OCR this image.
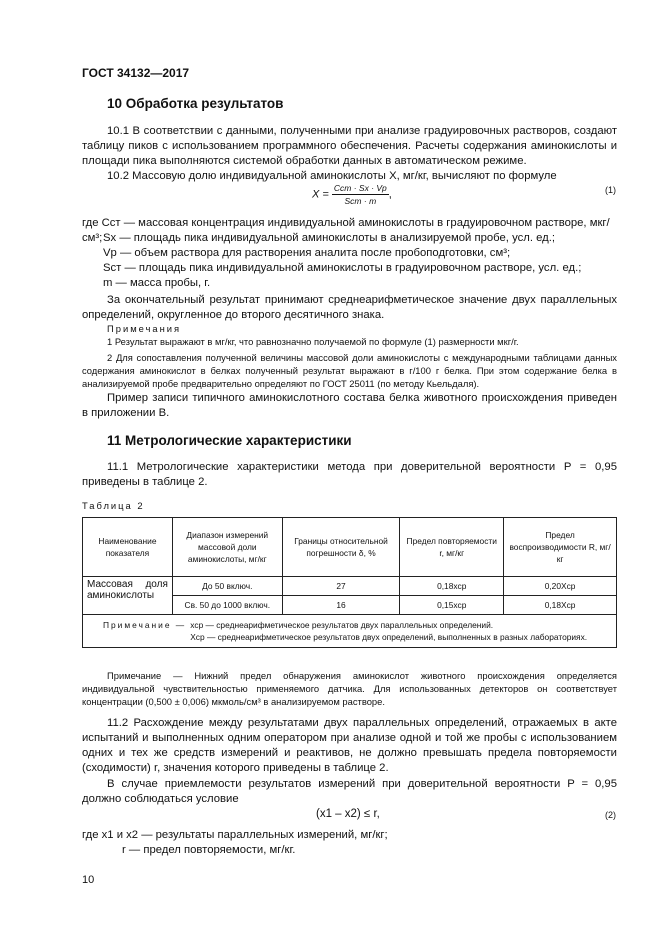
ГОСТ 34132—2017
10 Обработка результатов
10.1 В соответствии с данными, полученными при анализе градуировочных растворов, создают таблицу пиков с использованием программного обеспечения. Расчеты содержания аминокислоты и площади пика выполняются системой обработки данных в автоматическом режиме.
10.2 Массовую долю индивидуальной аминокислоты X, мг/кг, вычисляют по формуле
$X = \frac{\text{Cст · Sx · Vр}}{\text{Sст · m}}$ ,	(1)
где Cст — массовая концентрация индивидуальной аминокислоты в градуировочном растворе, мкг/см³; Sx — площадь пика индивидуальной аминокислоты в анализируемой пробе, усл. ед.;
Vр — объем раствора для растворения аналита после пробоподготовки, см³;
Sст — площадь пика индивидуальной аминокислоты в градуировочном растворе, усл. ед.;
m — масса пробы, г.
За окончательный результат принимают среднеарифметическое значение двух параллельных определений, округленное до второго десятичного знака.
Примечания
1 Результат выражают в мг/кг, что равнозначно получаемой по формуле (1) размерности мкг/г.
2 Для сопоставления полученной величины массовой доли аминокислоты с международными таблицами данных содержания аминокислот в белках полученный результат выражают в г/100 г белка. При этом содержание белка в анализируемой пробе предварительно определяют по ГОСТ 25011 (по методу Кьельдаля).
Пример записи типичного аминокислотного состава белка животного происхождения приведен в приложении В.
11 Метрологические характеристики
11.1 Метрологические характеристики метода при доверительной вероятности P = 0,95 приведены в таблице 2.
Таблица 2
Наименование показателя	Диапазон измерений массовой доли аминокислоты, мг/кг	Границы относительной погрешности δ, %	Предел повторяемости r, мг/кг	Предел воспроизводимости R, мг/кг
Массовая доля аминокислоты	До 50 включ.	27	0,18xср	0,20Xср
	Св. 50 до 1000 включ.	16	0,15xср	0,18Xср

Примечание — xср — среднеарифметическое результатов двух параллельных определений.
Xср — среднеарифметическое результатов двух определений, выполненных в разных лабораториях.				
Примечание — Нижний предел обнаружения аминокислот животного происхождения определяется индивидуальной чувствительностью применяемого датчика. Для использованных детекторов он соответствует концентрации (0,500 ± 0,006) мкмоль/см³ в анализируемом растворе.
11.2 Расхождение между результатами двух параллельных определений, отражаемых в акте испытаний и выполненных одним оператором при анализе одной и той же пробы с использованием одних и тех же средств измерений и реактивов, не должно превышать предела повторяемости (сходимости) r, значения которого приведены в таблице 2.
В случае приемлемости результатов измерений при доверительной вероятности P = 0,95 должно соблюдаться условие
(x1 – x2) ≤ r,	(2)
где x1 и x2 — результаты параллельных измерений, мг/кг;
r — предел повторяемости, мг/кг.
10
